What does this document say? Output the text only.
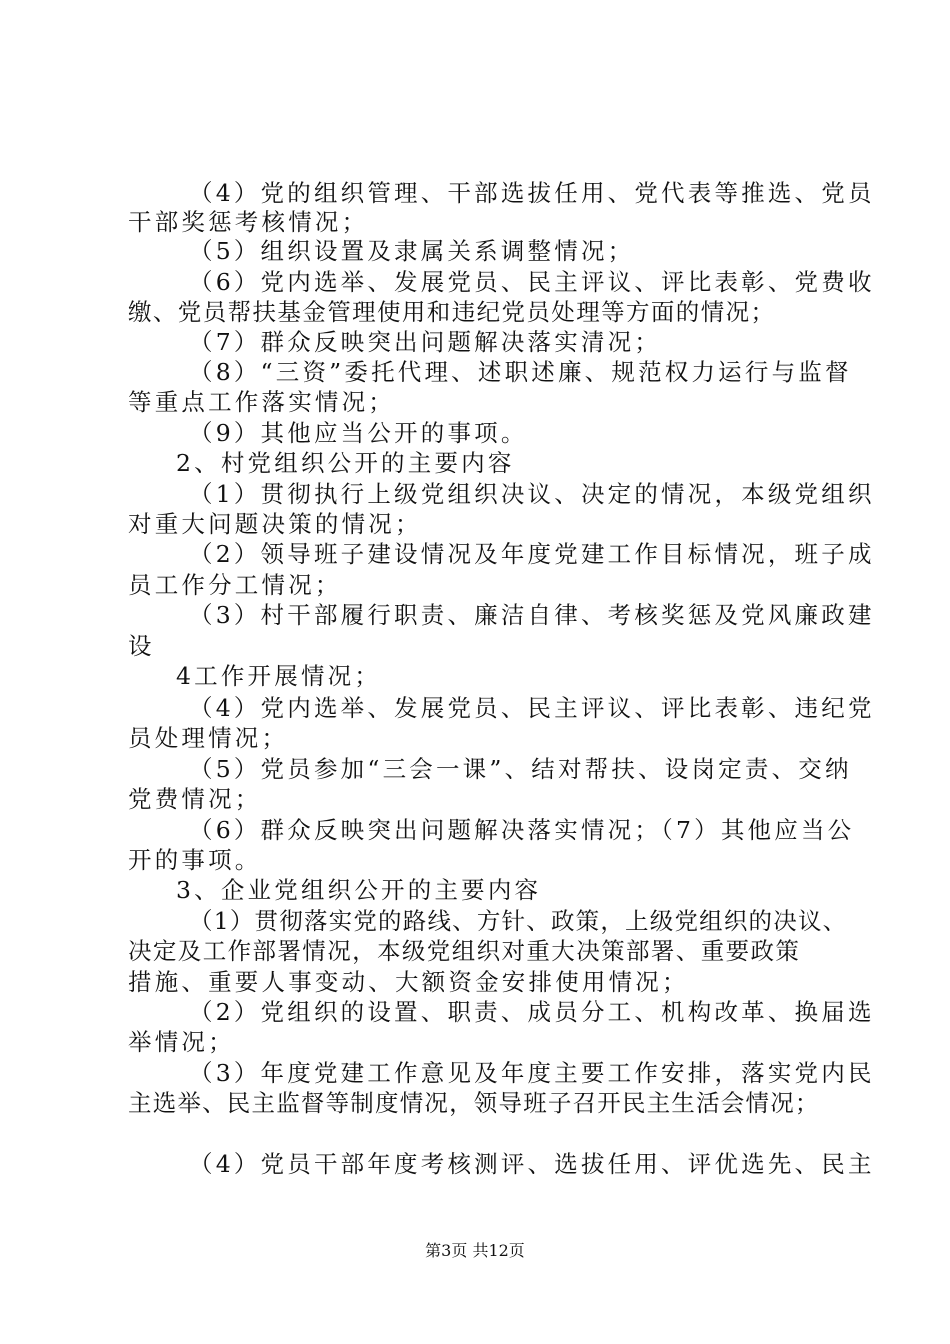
（4）党的组织管理、干部选拔任用、党代表等推选、党员
干部奖惩考核情况；
（5）组织设置及隶属关系调整情况；
（6）党内选举、发展党员、民主评议、评比表彰、党费收
缴、党员帮扶基金管理使用和违纪党员处理等方面的情况；
（7）群众反映突出问题解决落实清况；
（8）“三资”委托代理、述职述廉、规范权力运行与监督
等重点工作落实情况；
（9）其他应当公开的事项。
2、村党组织公开的主要内容
（1）贯彻执行上级党组织决议、决定的情况，本级党组织
对重大问题决策的情况；
（2）领导班子建设情况及年度党建工作目标情况，班子成
员工作分工情况；
（3）村干部履行职责、廉洁自律、考核奖惩及党风廉政建
设
4工作开展情况；
（4）党内选举、发展党员、民主评议、评比表彰、违纪党
员处理情况；
（5）党员参加“三会一课”、结对帮扶、设岗定责、交纳
党费情况；
（6）群众反映突出问题解决落实情况；（7）其他应当公
开的事项。
3、企业党组织公开的主要内容
（1）贯彻落实党的路线、方针、政策，上级党组织的决议、
决定及工作部署情况，本级党组织对重大决策部署、重要政策
措施、重要人事变动、大额资金安排使用情况；
（2）党组织的设置、职责、成员分工、机构改革、换届选
举情况；
（3）年度党建工作意见及年度主要工作安排，落实党内民
主选举、民主监督等制度情况，领导班子召开民主生活会情况；
（4）党员干部年度考核测评、选拔任用、评优选先、民主
第3页 共12页
